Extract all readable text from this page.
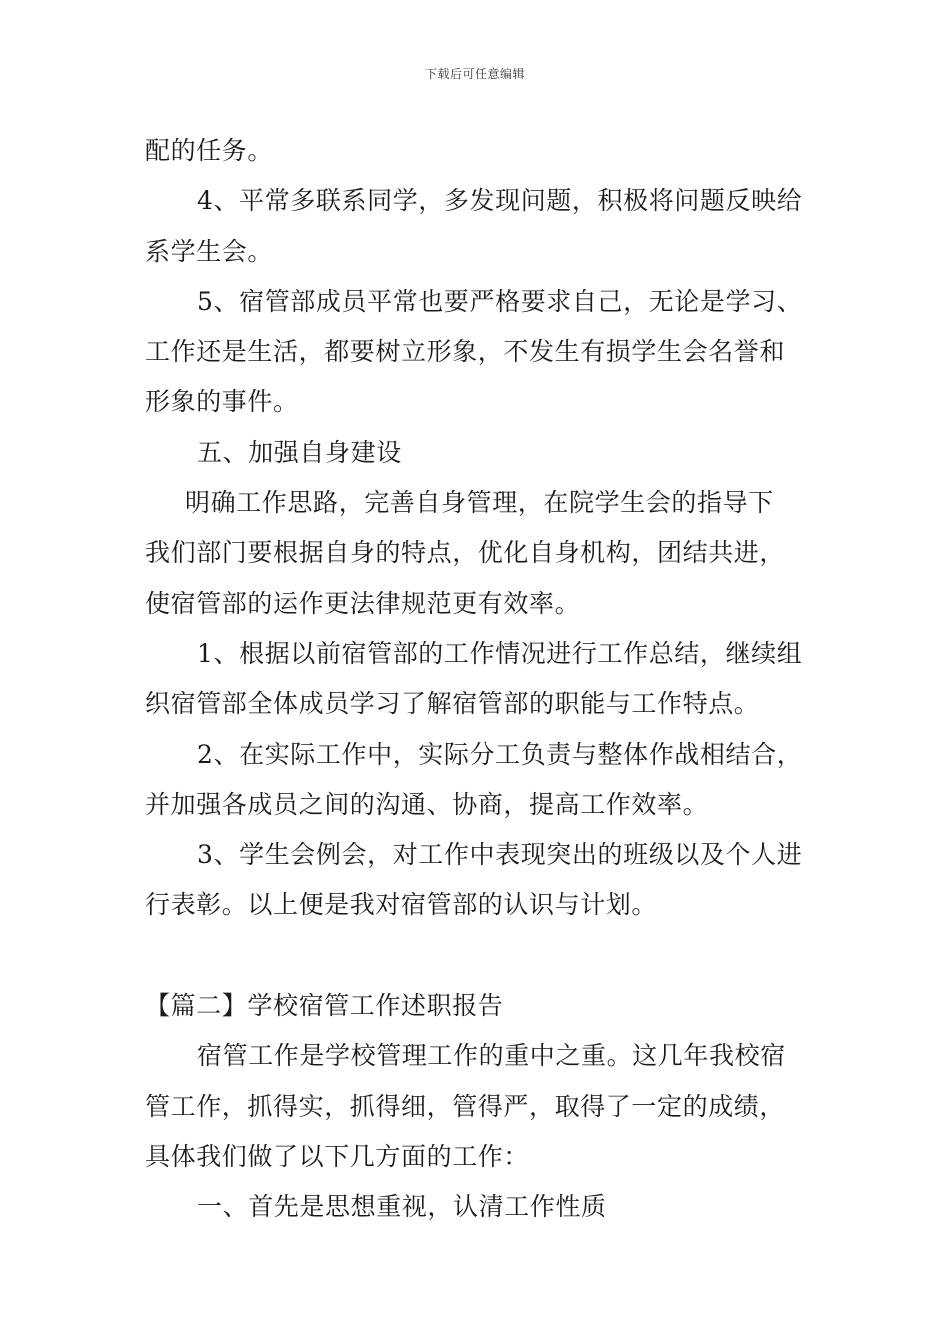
下载后可任意编辑
配的任务。
4、平常多联系同学，多发现问题，积极将问题反映给
系学生会。
5、宿管部成员平常也要严格要求自己，无论是学习、
工作还是生活，都要树立形象，不发生有损学生会名誉和
形象的事件。
五、加强自身建设
明确工作思路，完善自身管理，在院学生会的指导下
我们部门要根据自身的特点，优化自身机构，团结共进，
使宿管部的运作更法律规范更有效率。
1、根据以前宿管部的工作情况进行工作总结，继续组
织宿管部全体成员学习了解宿管部的职能与工作特点。
2、在实际工作中，实际分工负责与整体作战相结合，
并加强各成员之间的沟通、协商，提高工作效率。
3、学生会例会，对工作中表现突出的班级以及个人进
行表彰。以上便是我对宿管部的认识与计划。
【篇二】学校宿管工作述职报告
宿管工作是学校管理工作的重中之重。这几年我校宿
管工作，抓得实，抓得细，管得严，取得了一定的成绩，
具体我们做了以下几方面的工作：
一、首先是思想重视，认清工作性质
